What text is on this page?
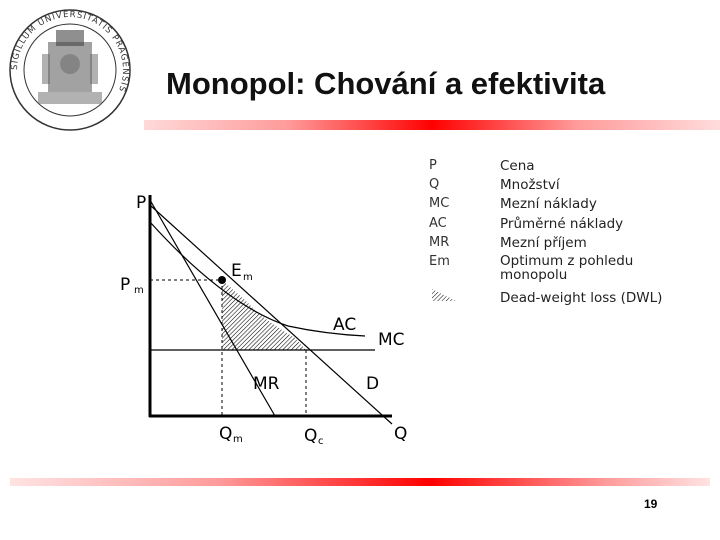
SIGILLUM UNIVERSITATIS PRAGENSIS Monopol: Chování a efektivita
P	Cena
Q	Množství
MC	Mezní náklady
AC	Průměrné náklady
MR	Mezní příjem
Em	Optimum z pohledu monopolu
Dead-weight loss (DWL)
P
P m
E m
AC
MC
MR	D
Q m	Q c	Q
19
